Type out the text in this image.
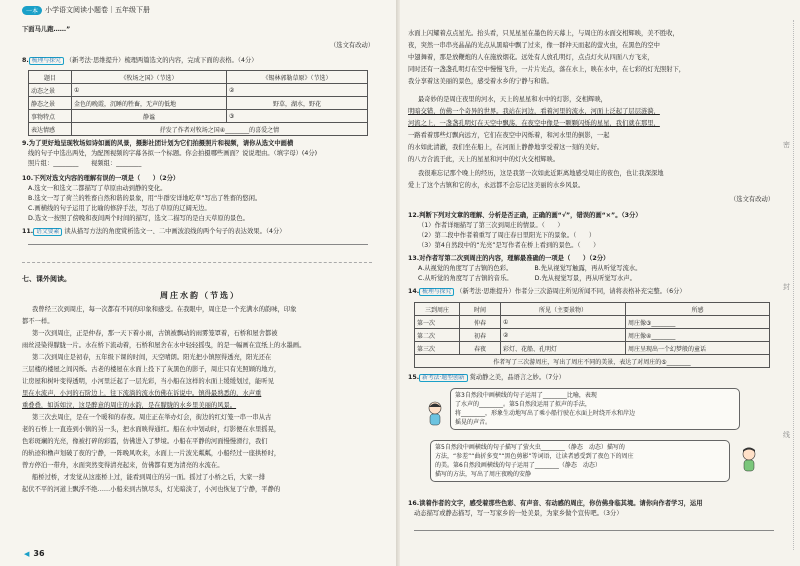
一本	小学语文阅读小题卷｜五年级下册
下面马儿跑……”
（选文有改动）
8. 梳理与探究 （新考法·思维提升）梳理两篇选文的内容，完成下面的表格。（4分）
题目	《牧场之国》（节选）	《锡林郭勒草原》（节选）
动态之景	①	②
静态之景	金色的晚霞，沉睡的牲畜，无声的低地	野草，湖水，野花
事物特点	静谧	③
表达情感	抒发了作者对牧场之国④________的喜爱之情	
9.为了更好地呈现牧场如诗如画的风景，摄影社团计划为它们拍摄照片和视频，请你从选文中画横
线的句子中选出两处，为配图视频的字幕各拟一个标题。你会拍摄哪些画面？说说理由。（填字母）(4分)
照片组：________　　视频组：________
10.下列对选文内容的理解有误的一项是（　　）（2分）
A.选文一和选文二都描写了草原由动到静的变化。
B.选文一写了荷兰的牲畜自然和谐的景象，用“牛群安详地吃草”写出了牲畜的悠闲。
C.画横线的句子运用了比喻的修辞手法，写出了草原的辽阔无边。
D.选文一按照了傍晚和夜间两个时间的描写，选文二描写的是白天草原的景色。
11. 语文要素 读从描写方法的角度赏析选文一、二中画波浪线的两个句子的表达效果。（4分）
七、课外阅读。
周庄水韵（节选）
我曾经三次到周庄，每一次都有不同的印象和感受。在我眼中，周庄是一个充满水的韵味，印象
都不一样。
第一次到周庄，正是仲春，那一天下着小雨，古镇被飘动的雨雾笼罩着，石桥和屋舍都被
雨丝浸染得朦胧一片。水在桥下流动着，石桥和屋舍在水中轻轻摇曳，的是一幅画在宣纸上的水墨画。
第二次到周庄是初春，五年级下课的时间，天空晴朗。阳光把小镇照得透亮，阳光还在
三层楼的楼屋之间闪烁。古老的楼屋在水面上投下了灰黑色的影子，周庄只有光照顾的地方，
让房屋和树叶变得透明，小河里泛起了一层光彩，当小船在这样的水面上缓缓划过，能听见
里在水流声，小河的石阶边上，往下流淌的流水仿佛在诉说中。镇得最熟悉的，水声重
重叠叠，如诉如泣，这是醉意的周庄的水韵，是在朦胧的水乡里美丽的风景。
第三次去周庄，是在一个暖和的春夜。周庄正在举办灯会，街边的红灯笼一串一串从古
老的石桥上一直连到小镇的另一头，把水面映得通红。船在水中划动时，灯影便在水里摇晃，
色彩斑斓的光亮，像被打碎的彩霞，仿佛进入了梦境。小船在平静的河面慢慢滑行，我们
的轨迹和橹声划破了夜的宁静，一阵晚风吹来，水面上一片波光粼粼，小船经过一座拱桥时，
曾方停泊一带舟，水面突然变得清亮起来，仿佛都有更为清亮的水流在。
船桥过桥，才发觉从这座桥上过，能看到周庄的另一面。摇过了小桥之后，大家一排
起伏不平的河道上飘浮不绝……小船来到古镇尽头，灯光暗淡了，小河也恢复了宁静，平静的
◀ 36
水面上闪耀着点点星光。抬头看，只见星星在墨色的天幕上，与周庄的水面交相辉映，美不胜收，
夜，突然一串串亮晶晶的光点从黑暗中飘了过来，像一群冲天而起的萤火虫，在黑色的空中
中翅舞着，那是放鞭炮的人在施放烟花。远处有人放孔明灯，点点灯火从四面八方飞来，
同时还有一盏盏孔明灯在空中慢慢飞升，一片片光点，落在水上，映在水中，在七彩的灯光照射下，
我分享着这美丽的景色，感受着水乡的宁静与和谐。
最奇妙的是周庄夜里的河水，天上的星星和水中的灯影，交相辉映，
明暗交错，仿佛一个奇异的世界。我站在河边，看着河里的流水，河面上泛起了层层涟漪，
河流之上，一盏盏孔明灯在天空中飘荡，在夜空中像是一颗颗闪烁的星星，我们就在那里，
一路看着那些灯飘向远方，它们在夜空中闪烁着，和河水里的倒影，一起
的水如此清澈，我们坐在船上，在河面上静静地享受着这一刻的美好。
的八方合流于此，天上的星星和河中的灯火交相辉映。
我很难忘记那个晚上的经历，这是我第一次如此近距离地感受周庄的夜色，也让我深深地
爱上了这个古镇和它的水，永远都不会忘记这美丽的水乡风景。
（选文有改动）
12.判断下列对文章的理解、分析是否正确，正确的画“√”，错误的画“×”。（3分）
（1）作者详细描写了第三次到周庄的情景。（　　）
（2）第二段中作者着重写了周庄春日里阳光下的景象。（　　）
（3）第4自然段中的“光亮”是写作者在桥上看到的景色。（　　）
13.对作者写第二次到周庄的内容，理解最准确的一项是（　　）（2分）
A.从视觉的角度写了古镇的色彩。　　　　B.先从视觉写触露，再从听觉写流水。
C.从听觉的角度写了古镇的音乐。　　　　D.先从视觉写景，再从听觉写水声。
14. 梳理与探究 （新考法·思维提升）作者分三次游周庄所见所闻不同，请将表格补充完整。（6分）
三到周庄	时间	所见（主要景物）	所感
第一次	仲春	①	周庄像③________
第二次	初春	②	周庄像④________
第三次	春夜	彩灯、花船、孔明灯	周庄呈现出一个幻梦般的童话
作者写了三次游周庄，写出了周庄不同的美景，表达了对周庄的⑤________			
15. 新考法·题型创新 赏动静之美，品语言之妙。（7分）
第3自然段中画横线的句子运用了________比喻，表现
了水声的________。第5自然段运用了拟声的手法，
将________，形象生动地写出了乘小船行驶在水面上时绕开水和岸边
摇晃的声音。
第5自然段中画横线的句子描写了萤火虫________（静态　动态）描写的
方法，“参差”“曲折多变”“黑色剪影”等词语，让读者感受到了夜色下的周庄
的美。第6自然段画横线的句子运用了________（静态　动态）
描写的方法，写出了周庄夜晚的安静
16.读着作者的文字，感受着那些色彩、有声音、有动感的周庄，你仿佛身临其境。请你向作者学习，运用
动态描写或静态描写，写一写家乡的一处美景，为家乡做个宣传吧。（3分）
密
封
线
